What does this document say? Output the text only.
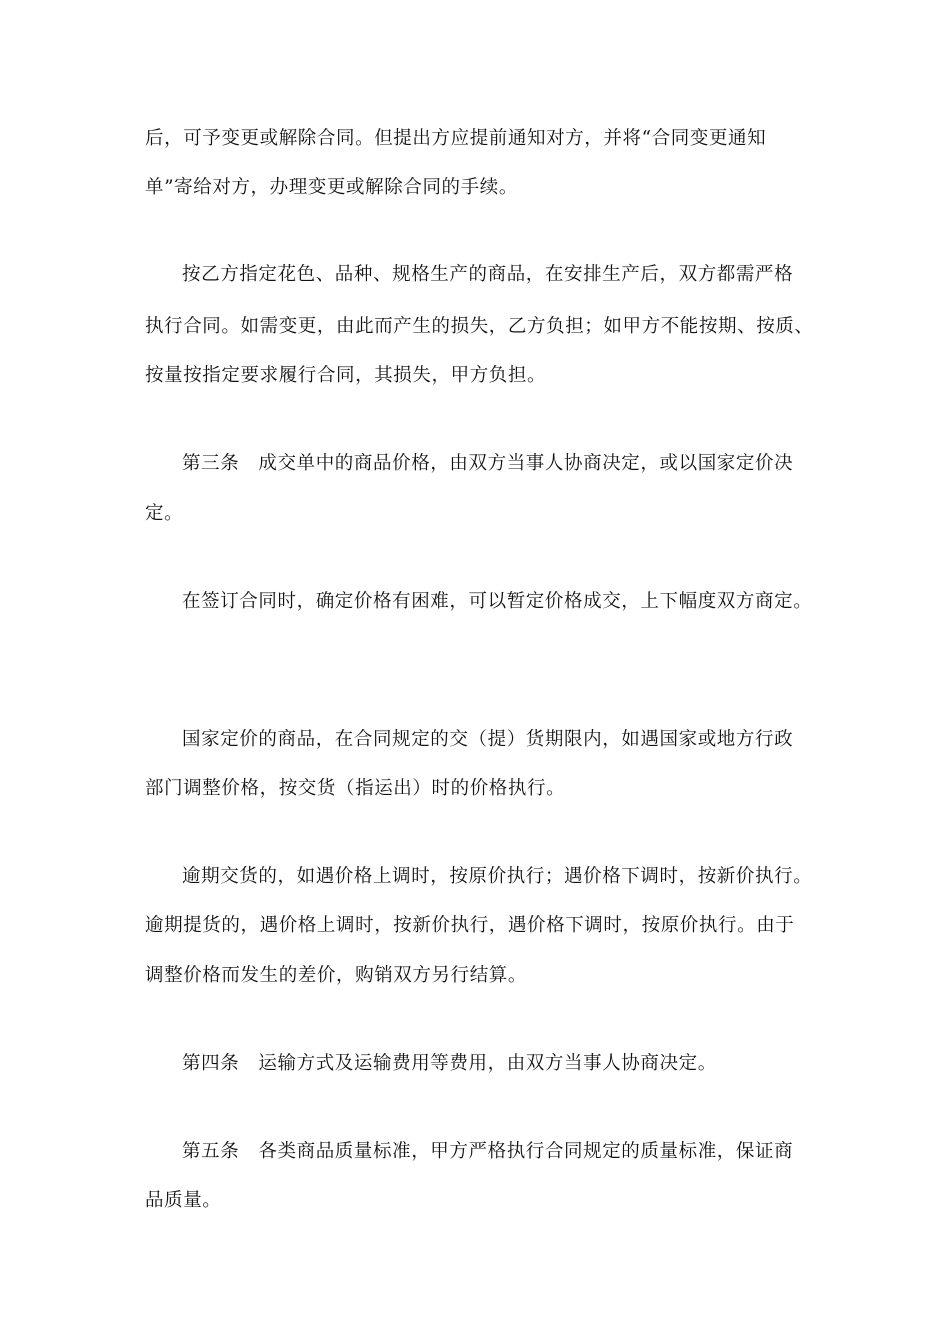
后，可予变更或解除合同。但提出方应提前通知对方，并将“合同变更通知

单”寄给对方，办理变更或解除合同的手续。

按乙方指定花色、品种、规格生产的商品，在安排生产后，双方都需严格

执行合同。如需变更，由此而产生的损失，乙方负担；如甲方不能按期、按质、

按量按指定要求履行合同，其损失，甲方负担。

第三条　成交单中的商品价格，由双方当事人协商决定，或以国家定价决

定。

在签订合同时，确定价格有困难，可以暂定价格成交，上下幅度双方商定。

国家定价的商品，在合同规定的交（提）货期限内，如遇国家或地方行政

部门调整价格，按交货（指运出）时的价格执行。

逾期交货的，如遇价格上调时，按原价执行；遇价格下调时，按新价执行。

逾期提货的，遇价格上调时，按新价执行，遇价格下调时，按原价执行。由于

调整价格而发生的差价，购销双方另行结算。

第四条　运输方式及运输费用等费用，由双方当事人协商决定。

第五条　各类商品质量标准，甲方严格执行合同规定的质量标准，保证商

品质量。
